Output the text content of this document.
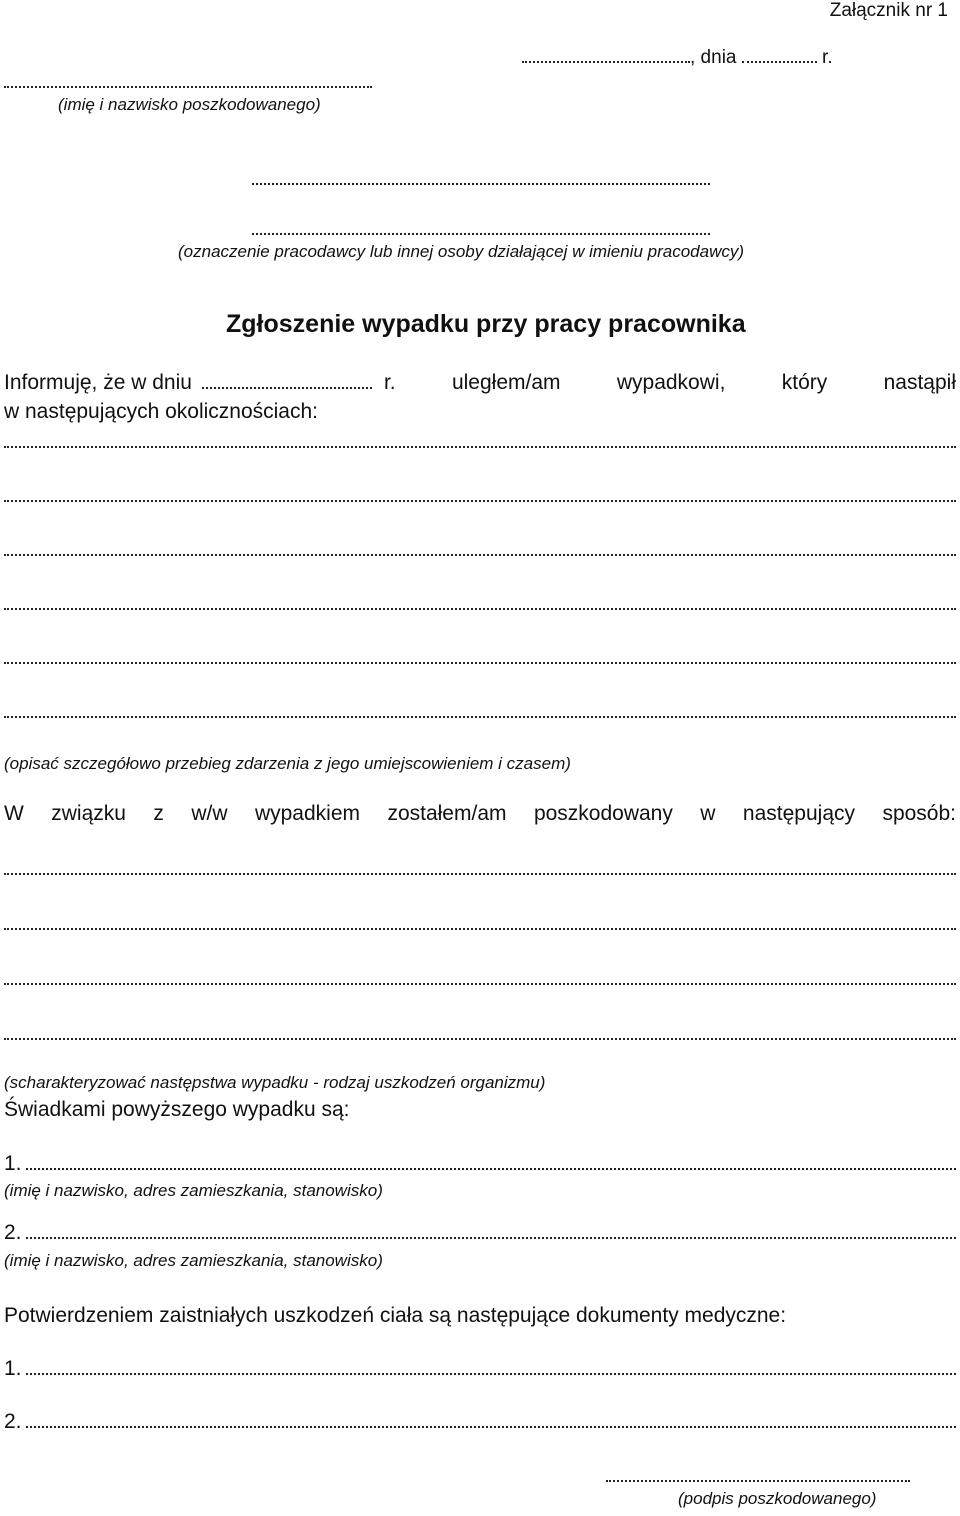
Załącznik nr 1
, dnia	r.
(imię i nazwisko poszkodowanego)
(oznaczenie pracodawcy lub innej osoby działającej w imieniu pracodawcy)
Zgłoszenie wypadku przy pracy pracownika
Informuję, że w dniu	r. uległem/am wypadkowi, który nastąpił
w następujących okolicznościach:
(opisać szczegółowo przebieg zdarzenia z jego umiejscowieniem i czasem)
W związku z w/w wypadkiem zostałem/am poszkodowany w następujący sposób:
(scharakteryzować następstwa wypadku - rodzaj uszkodzeń organizmu)
Świadkami powyższego wypadku są:
1.
(imię i nazwisko, adres zamieszkania, stanowisko)
2.
(imię i nazwisko, adres zamieszkania, stanowisko)
Potwierdzeniem zaistniałych uszkodzeń ciała są następujące dokumenty medyczne:
1.
2.
(podpis poszkodowanego)
